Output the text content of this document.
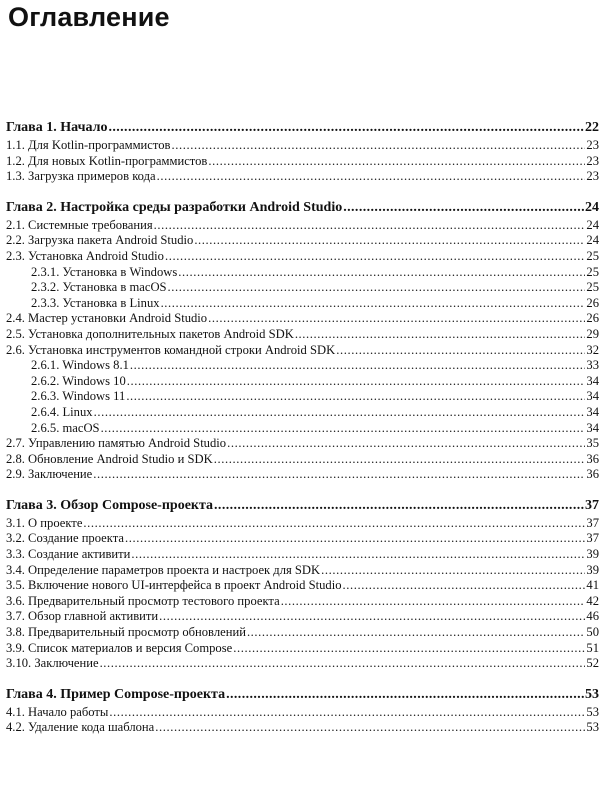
Оглавление
Глава 1. Начало .....	22
1.1. Для Kotlin-программистов .....	23
1.2. Для новых Kotlin-программистов .....	23
1.3. Загрузка примеров кода .....	23
Глава 2. Настройка среды разработки Android Studio .....	24
2.1. Системные требования .....	24
2.2. Загрузка пакета Android Studio .....	24
2.3. Установка Android Studio .....	25
2.3.1. Установка в Windows .....	25
2.3.2. Установка в macOS .....	25
2.3.3. Установка в Linux .....	26
2.4. Мастер установки Android Studio .....	26
2.5. Установка дополнительных пакетов Android SDK .....	29
2.6. Установка инструментов командной строки Android SDK .....	32
2.6.1. Windows 8.1 .....	33
2.6.2. Windows 10 .....	34
2.6.3. Windows 11 .....	34
2.6.4. Linux .....	34
2.6.5. macOS .....	34
2.7. Управлению памятью Android Studio .....	35
2.8. Обновление Android Studio и SDK .....	36
2.9. Заключение .....	36
Глава 3. Обзор Compose-проекта .....	37
3.1. О проекте .....	37
3.2. Создание проекта .....	37
3.3. Создание активити .....	39
3.4. Определение параметров проекта и настроек для SDK .....	39
3.5. Включение нового UI-интерфейса в проект Android Studio .....	41
3.6. Предварительный просмотр тестового проекта .....	42
3.7. Обзор главной активити .....	46
3.8. Предварительный просмотр обновлений .....	50
3.9. Список материалов и версия Compose .....	51
3.10. Заключение .....	52
Глава 4. Пример Compose-проекта .....	53
4.1. Начало работы .....	53
4.2. Удаление кода шаблона .....	53
